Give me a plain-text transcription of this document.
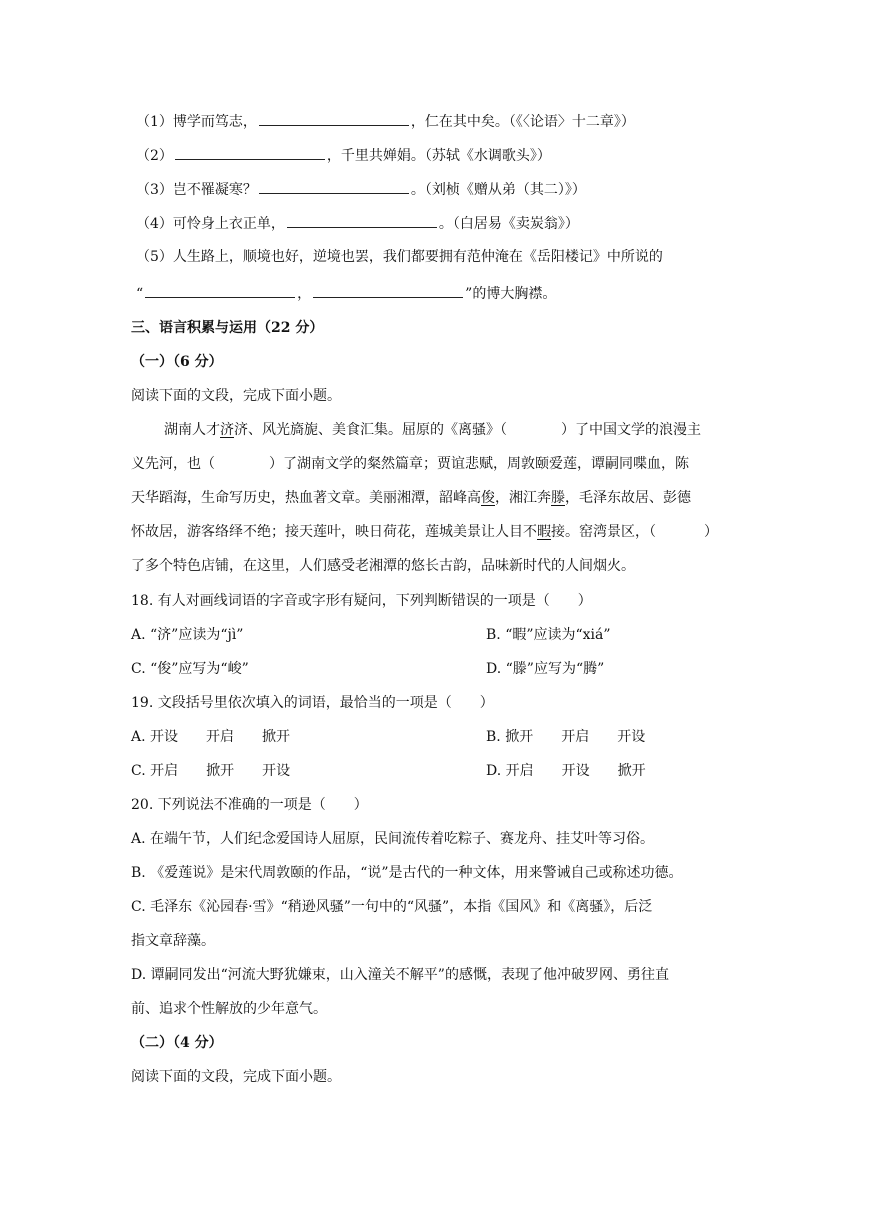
（1）博学而笃志，	，仁在其中矣。（《〈论语〉十二章》）
（2）	，千里共婵娟。（苏轼《水调歌头》）
（3）岂不罹凝寒？	。（刘桢《赠从弟（其二）》）
（4）可怜身上衣正单，	。（白居易《卖炭翁》）
（5）人生路上，顺境也好，逆境也罢，我们都要拥有范仲淹在《岳阳楼记》中所说的
“	，	”的博大胸襟。
三、语言积累与运用（22 分）
（一）（6 分）
阅读下面的文段，完成下面小题。
湖南人才济济、风光旖旎、美食汇集。屈原的《离骚》（	）了中国文学的浪漫主
义先河，也（	）了湖南文学的粲然篇章；贾谊悲赋，周敦颐爱莲，谭嗣同喋血，陈
天华蹈海，生命写历史，热血著文章。美丽湘潭，韶峰高俊，湘江奔滕，毛泽东故居、彭德
怀故居，游客络绎不绝；接天莲叶，映日荷花，莲城美景让人目不暇接。窑湾景区，（	）
了多个特色店铺，在这里，人们感受老湘潭的悠长古韵，品味新时代的人间烟火。
18. 有人对画线词语的字音或字形有疑问，下列判断错误的一项是（　　）
A. “济”应读为“jì”	B. “暇”应读为“xiá”
C. “俊”应写为“峻”	D. “滕”应写为“腾”
19. 文段括号里依次填入的词语，最恰当的一项是（　　）
A. 开设　　开启　　掀开	B. 掀开　　开启　　开设
C. 开启　　掀开　　开设	D. 开启　　开设　　掀开
20. 下列说法不准确的一项是（　　）
A. 在端午节，人们纪念爱国诗人屈原，民间流传着吃粽子、赛龙舟、挂艾叶等习俗。
B. 《爱莲说》是宋代周敦颐的作品，“说”是古代的一种文体，用来警诫自己或称述功德。
C. 毛泽东《沁园春·雪》“稍逊风骚”一句中的“风骚”，本指《国风》和《离骚》，后泛
指文章辞藻。
D. 谭嗣同发出“河流大野犹嫌束，山入潼关不解平”的感慨，表现了他冲破罗网、勇往直
前、追求个性解放的少年意气。
（二）（4 分）
阅读下面的文段，完成下面小题。
